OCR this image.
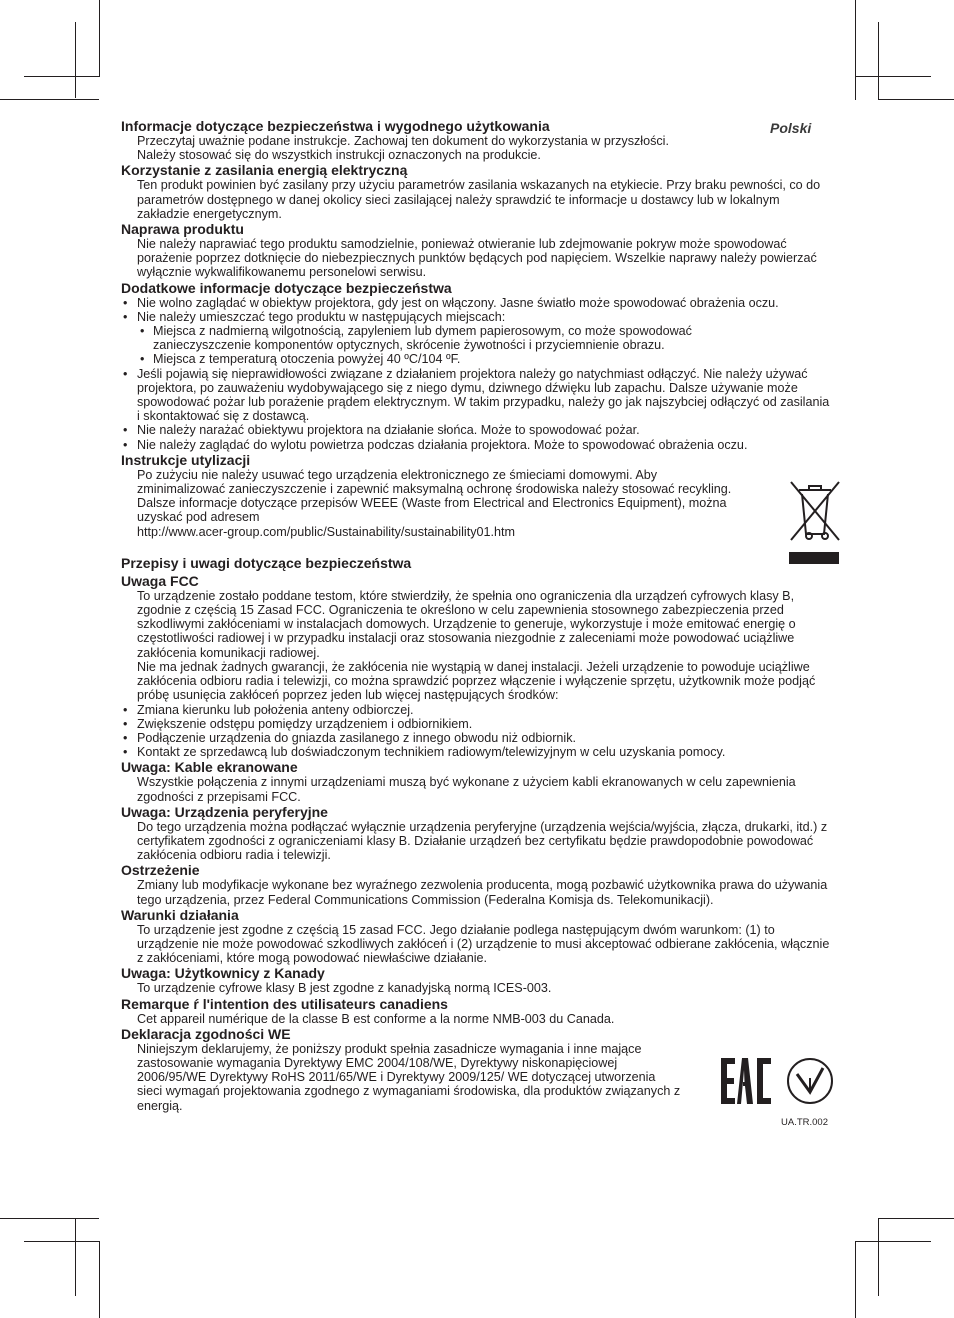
Polski
Informacje dotyczące bezpieczeństwa i wygodnego użytkowania
Przeczytaj uważnie podane instrukcje. Zachowaj ten dokument do wykorzystania w przyszłości.
Należy stosować się do wszystkich instrukcji oznaczonych na produkcie.
Korzystanie z zasilania energią elektryczną
Ten produkt powinien być zasilany przy użyciu parametrów zasilania wskazanych na etykiecie. Przy braku pewności, co do parametrów dostępnego w danej okolicy sieci zasilającej należy sprawdzić te informacje u dostawcy lub w lokalnym zakładzie energetycznym.
Naprawa produktu
Nie należy naprawiać tego produktu samodzielnie, ponieważ otwieranie lub zdejmowanie pokryw może spowodować porażenie poprzez dotknięcie do niebezpiecznych punktów będących pod napięciem. Wszelkie naprawy należy powierzać wyłącznie wykwalifikowanemu personelowi serwisu.
Dodatkowe informacje dotyczące bezpieczeństwa
• Nie wolno zaglądać w obiektyw projektora, gdy jest on włączony. Jasne światło może spowodować obrażenia oczu.
• Nie należy umieszczać tego produktu w następujących miejscach:
• Miejsca z nadmierną wilgotnością, zapyleniem lub dymem papierosowym, co może spowodować zanieczyszczenie komponentów optycznych, skrócenie żywotności i przyciemnienie obrazu.
• Miejsca z temperaturą otoczenia powyżej 40 ºC/104 ºF.
• Jeśli pojawią się nieprawidłowości związane z działaniem projektora należy go natychmiast odłączyć. Nie należy używać projektora, po zauważeniu wydobywającego się z niego dymu, dziwnego dźwięku lub zapachu. Dalsze używanie może spowodować pożar lub porażenie prądem elektrycznym. W takim przypadku, należy go jak najszybciej odłączyć od zasilania i skontaktować się z dostawcą.
• Nie należy narażać obiektywu projektora na działanie słońca. Może to spowodować pożar.
• Nie należy zaglądać do wylotu powietrza podczas działania projektora. Może to spowodować obrażenia oczu.
Instrukcje utylizacji
Po zużyciu nie należy usuwać tego urządzenia elektronicznego ze śmieciami domowymi. Aby zminimalizować zanieczyszczenie i zapewnić maksymalną ochronę środowiska należy stosować recykling. Dalsze informacje dotyczące przepisów WEEE (Waste from Electrical and Electronics Equipment), można uzyskać pod adresem
http://www.acer-group.com/public/Sustainability/sustainability01.htm
Przepisy i uwagi dotyczące bezpieczeństwa
Uwaga FCC
To urządzenie zostało poddane testom, które stwierdziły, że spełnia ono ograniczenia dla urządzeń cyfrowych klasy B, zgodnie z częścią 15 Zasad FCC. Ograniczenia te określono w celu zapewnienia stosownego zabezpieczenia przed szkodliwymi zakłóceniami w instalacjach domowych. Urządzenie to generuje, wykorzystuje i może emitować energię o częstotliwości radiowej i w przypadku instalacji oraz stosowania niezgodnie z zaleceniami może powodować uciążliwe zakłócenia komunikacji radiowej.
Nie ma jednak żadnych gwarancji, że zakłócenia nie wystąpią w danej instalacji. Jeżeli urządzenie to powoduje uciążliwe zakłócenia odbioru radia i telewizji, co można sprawdzić poprzez włączenie i wyłączenie sprzętu, użytkownik może podjąć próbę usunięcia zakłóceń poprzez jeden lub więcej następujących środków:
• Zmiana kierunku lub położenia anteny odbiorczej.
• Zwiększenie odstępu pomiędzy urządzeniem i odbiornikiem.
• Podłączenie urządzenia do gniazda zasilanego z innego obwodu niż odbiornik.
• Kontakt ze sprzedawcą lub doświadczonym technikiem radiowym/telewizyjnym w celu uzyskania pomocy.
Uwaga: Kable ekranowane
Wszystkie połączenia z innymi urządzeniami muszą być wykonane z użyciem kabli ekranowanych w celu zapewnienia zgodności z przepisami FCC.
Uwaga: Urządzenia peryferyjne
Do tego urządzenia można podłączać wyłącznie urządzenia peryferyjne (urządzenia wejścia/wyjścia, złącza, drukarki, itd.) z certyfikatem zgodności z ograniczeniami klasy B. Działanie urządzeń bez certyfikatu będzie prawdopodobnie powodować zakłócenia odbioru radia i telewizji.
Ostrzeżenie
Zmiany lub modyfikacje wykonane bez wyraźnego zezwolenia producenta, mogą pozbawić użytkownika prawa do używania tego urządzenia, przez Federal Communications Commission (Federalna Komisja ds. Telekomunikacji).
Warunki działania
To urządzenie jest zgodne z częścią 15 zasad FCC. Jego działanie podlega następującym dwóm warunkom: (1) to urządzenie nie może powodować szkodliwych zakłóceń i (2) urządzenie to musi akceptować odbierane zakłócenia, włącznie z zakłóceniami, które mogą powodować niewłaściwe działanie.
Uwaga: Użytkownicy z Kanady
To urządzenie cyfrowe klasy B jest zgodne z kanadyjską normą ICES-003.
Remarque ŕ l'intention des utilisateurs canadiens
Cet appareil numérique de la classe B est conforme a la norme NMB-003 du Canada.
Deklaracja zgodności WE
Niniejszym deklarujemy, że poniższy produkt spełnia zasadnicze wymagania i inne mające zastosowanie wymagania Dyrektywy EMC 2004/108/WE, Dyrektywy niskonapięciowej 2006/95/WE Dyrektywy RoHS 2011/65/WE i Dyrektywy 2009/125/ WE dotyczącej utworzenia sieci wymagań projektowania zgodnego z wymaganiami środowiska, dla produktów związanych z energią.
UA.TR.002
